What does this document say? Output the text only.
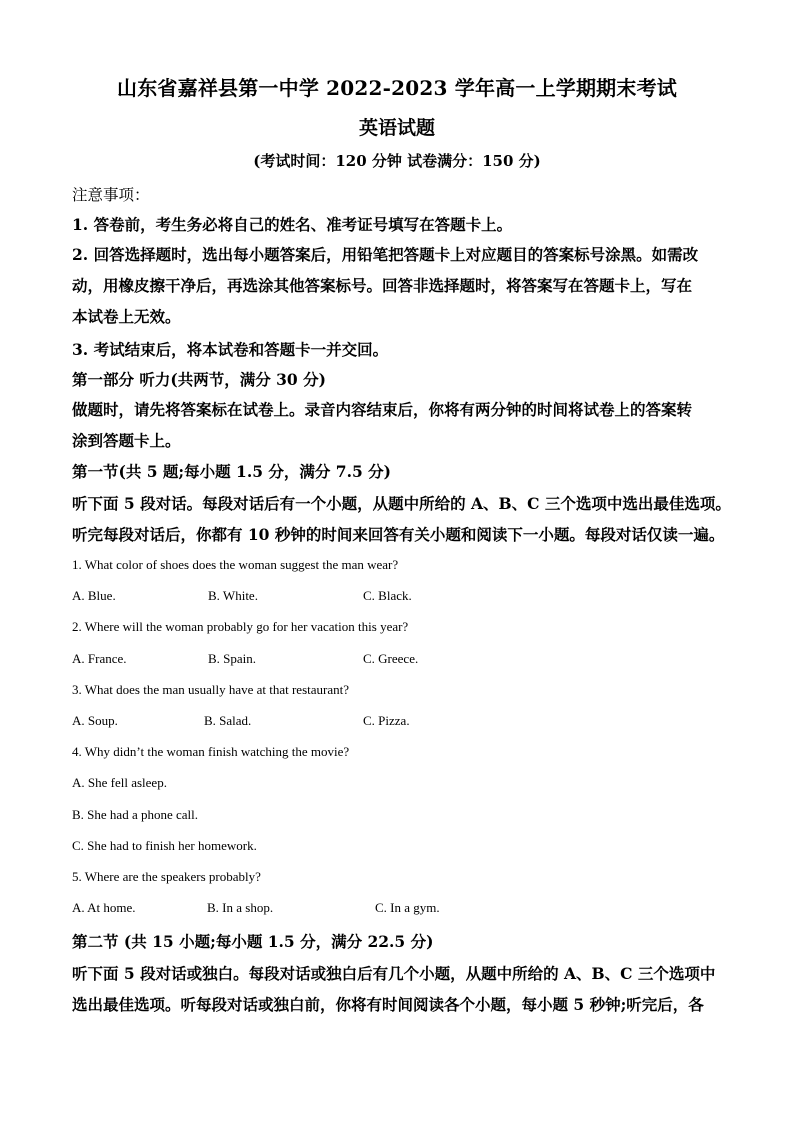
山东省嘉祥县第一中学 2022-2023 学年高一上学期期末考试
英语试题
(考试时间：120 分钟 试卷满分：150 分)
注意事项：
1. 答卷前，考生务必将自己的姓名、准考证号填写在答题卡上。
2. 回答选择题时，选出每小题答案后，用铅笔把答题卡上对应题目的答案标号涂黑。如需改
动，用橡皮擦干净后，再选涂其他答案标号。回答非选择题时，将答案写在答题卡上，写在
本试卷上无效。
3. 考试结束后，将本试卷和答题卡一并交回。
第一部分 听力(共两节，满分 30 分)
做题时，请先将答案标在试卷上。录音内容结束后，你将有两分钟的时间将试卷上的答案转
涂到答题卡上。
第一节(共 5 题;每小题 1.5 分，满分 7.5 分)
听下面 5 段对话。每段对话后有一个小题，从题中所给的 A、B、C 三个选项中选出最佳选项。
听完每段对话后，你都有 10 秒钟的时间来回答有关小题和阅读下一小题。每段对话仅读一遍。
1. What color of shoes does the woman suggest the man wear?
A. Blue.	B. White.	C. Black.
2. Where will the woman probably go for her vacation this year?
A. France.	B. Spain.	C. Greece.
3. What does the man usually have at that restaurant?
A. Soup.	B. Salad.	C. Pizza.
4. Why didn’t the woman finish watching the movie?
A. She fell asleep.
B. She had a phone call.
C. She had to finish her homework.
5. Where are the speakers probably?
A. At home.	B. In a shop.	C. In a gym.
第二节 (共 15 小题;每小题 1.5 分，满分 22.5 分)
听下面 5 段对话或独白。每段对话或独白后有几个小题，从题中所给的 A、B、C 三个选项中
选出最佳选项。听每段对话或独白前，你将有时间阅读各个小题，每小题 5 秒钟;听完后，各
